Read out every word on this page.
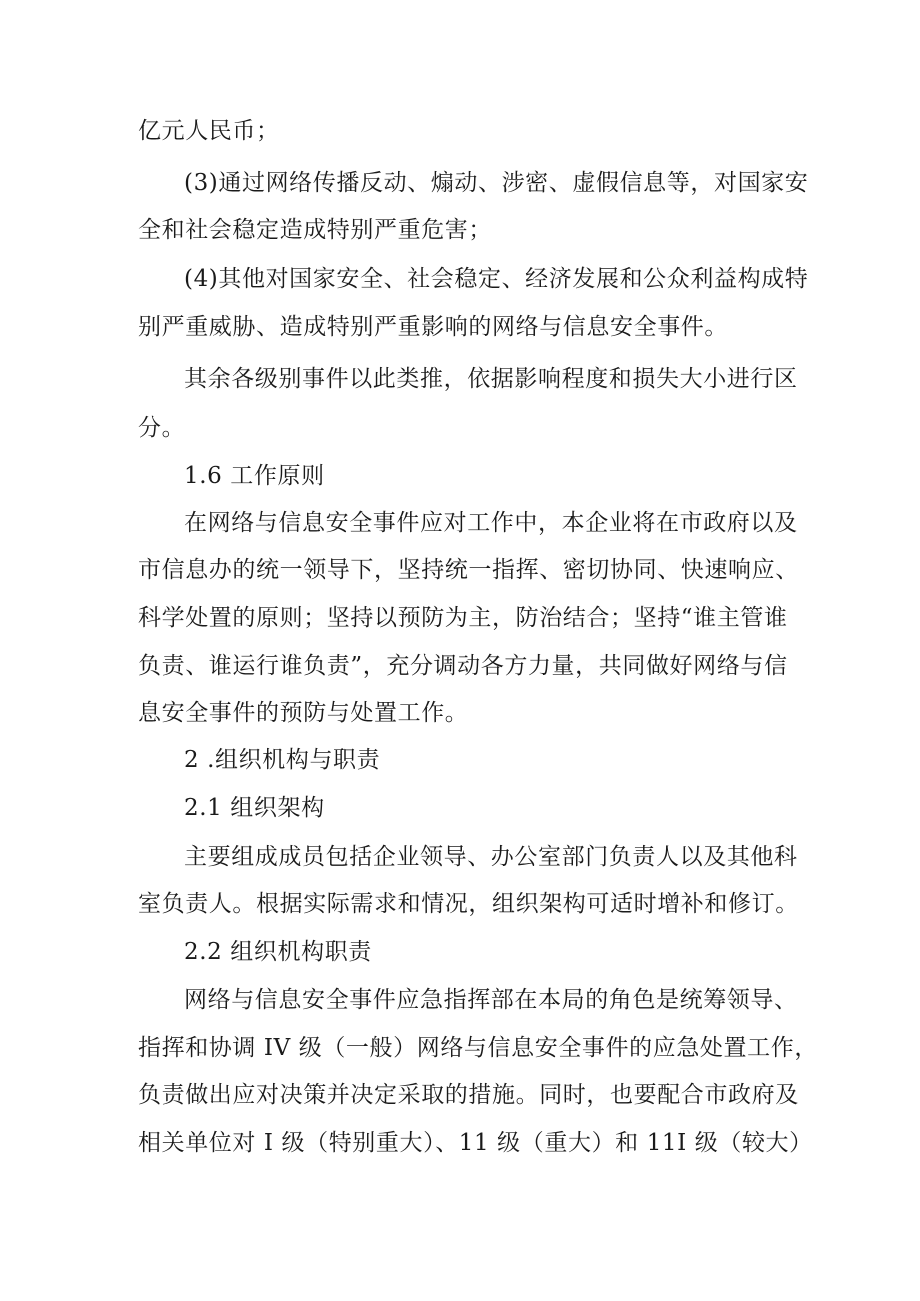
亿元人民币；
(3)通过网络传播反动、煽动、涉密、虚假信息等，对国家安
全和社会稳定造成特别严重危害；
(4)其他对国家安全、社会稳定、经济发展和公众利益构成特
别严重威胁、造成特别严重影响的网络与信息安全事件。
其余各级别事件以此类推，依据影响程度和损失大小进行区
分。
1.6 工作原则
在网络与信息安全事件应对工作中，本企业将在市政府以及
市信息办的统一领导下，坚持统一指挥、密切协同、快速响应、
科学处置的原则；坚持以预防为主，防治结合；坚持“谁主管谁
负责、谁运行谁负责”，充分调动各方力量，共同做好网络与信
息安全事件的预防与处置工作。
2 .组织机构与职责
2.1 组织架构
主要组成成员包括企业领导、办公室部门负责人以及其他科
室负责人。根据实际需求和情况，组织架构可适时增补和修订。
2.2 组织机构职责
网络与信息安全事件应急指挥部在本局的角色是统筹领导、
指挥和协调 IV 级（一般）网络与信息安全事件的应急处置工作，
负责做出应对决策并决定采取的措施。同时，也要配合市政府及
相关单位对 I 级（特别重大）、11 级（重大）和 11I 级（较大）
